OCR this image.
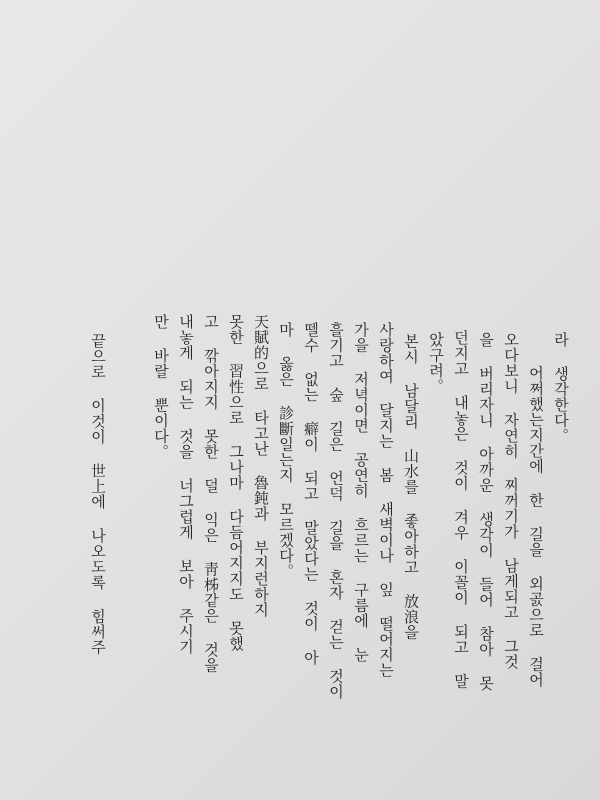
라 생각한다。

　어쩌했는지간에 한 길을 외곬으로 걸어

오다보니 자연히 찌꺼기가 남게되고 그것

을 버리자니 아까운 생각이 들어 참아 못

던지고 내놓은 것이 겨우 이꼴이 되고 말

았구려。

　본시 남달리 山水를 좋아하고 放浪을

사랑하여 달지는 봄 새벽이나 잎 떨어지는

가을 저녁이면 공연히 흐르는 구름에 눈

흘기고 숲 길은 언덕 길을 혼자 걷는 것이

뗄수 없는 癖이 되고 말았다는 것이 아

마 옳은 診斷일는지 모르겠다。

天賦的으로 타고난 魯鈍과 부지런하지

못한 習性으로 그나마 다듬어지지도 못했

고 깎아지지 못한 덜 익은 靑柹같은 것을

내놓게 되는 것을 너그럽게 보아 주시기

만 바랄 뿐이다。

끝으로 이것이 世上에 나오도록 힘써주
